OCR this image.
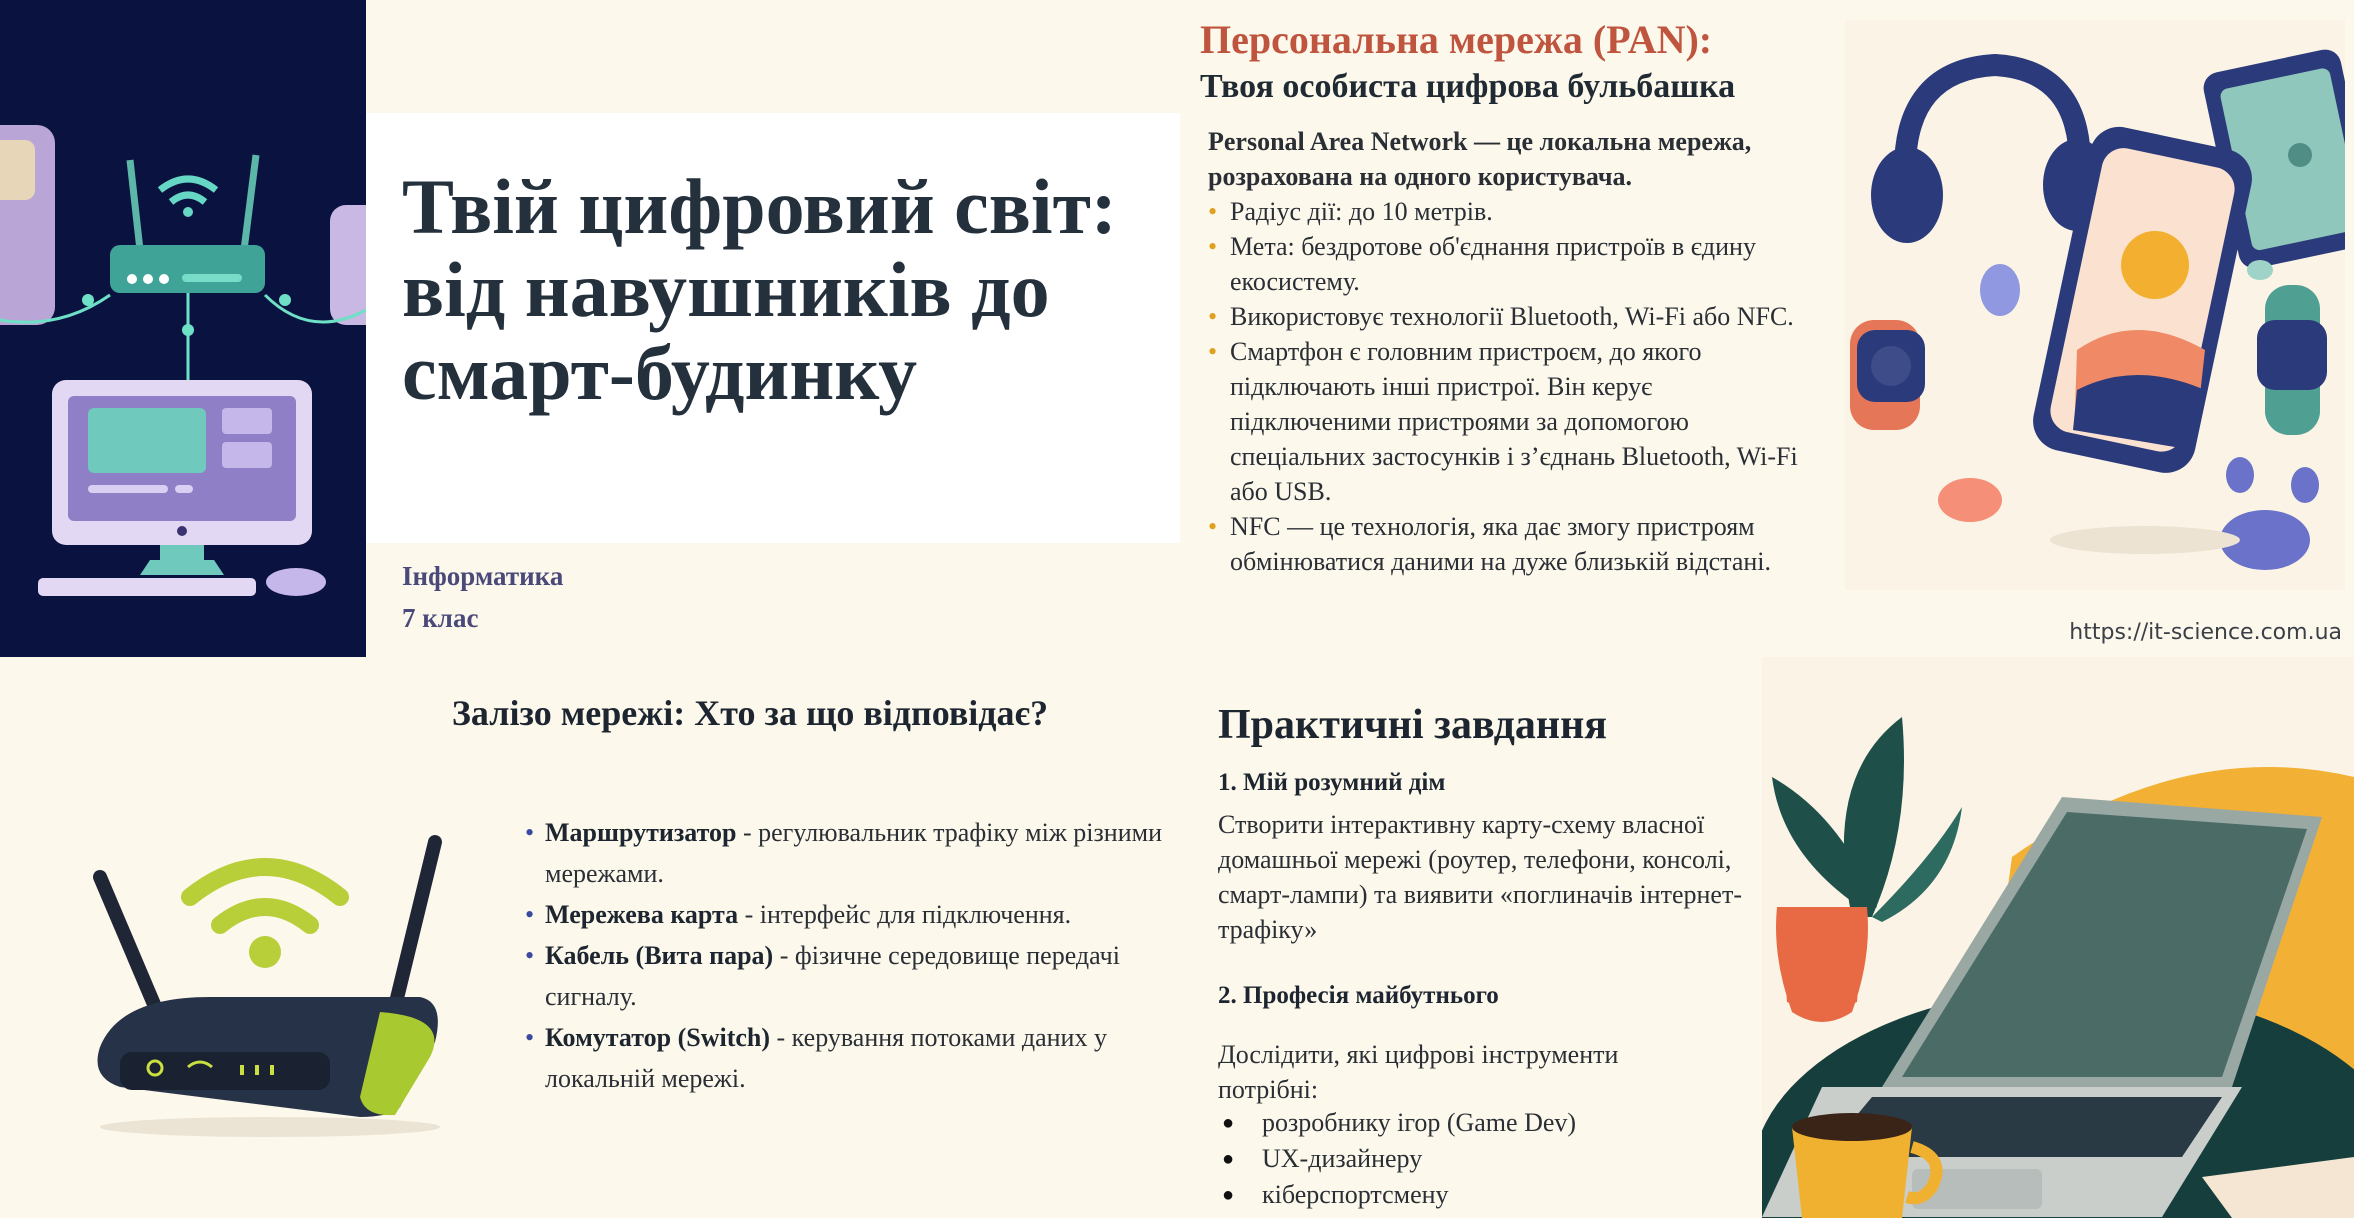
Твій цифровий світ: від навушників до смарт-будинку
Інформатика
7 клас
Персональна мережа (PAN):
Твоя особиста цифрова бульбашка

Personal Area Network — це локальна мережа, розрахована на одного користувача.

• Радіус дії: до 10 метрів.
• Мета: бездротове об'єднання пристроїв в єдину екосистему.
• Використовує технології Bluetooth, Wi-Fi або NFC.
• Смартфон є головним пристроєм, до якого підключають інші пристрої. Він керує підключеними пристроями за допомогою спеціальних застосунків і з’єднань Bluetooth, Wi-Fi або USB.
• NFC — це технологія, яка дає змогу пристроям обмінюватися даними на дуже близькій відстані.
https://it-science.com.ua
Залізо мережі: Хто за що відповідає?
• Маршрутизатор - регулювальник трафіку між різними мережами.
• Мережева карта - інтерфейс для підключення.
• Кабель (Вита пара) - фізичне середовище передачі сигналу.
• Комутатор (Switch) - керування потоками даних у локальній мережі.
Практичні завдання
1. Мій розумний дім

Створити інтерактивну карту-схему власної домашньої мережі (роутер, телефони, консолі, смарт-лампи) та виявити «поглиначів інтернет-трафіку»

2. Професія майбутнього

Дослідити, які цифрові інструменти потрібні:

● розробнику ігор (Game Dev)
● UX-дизайнеру
● кіберспортсмену
